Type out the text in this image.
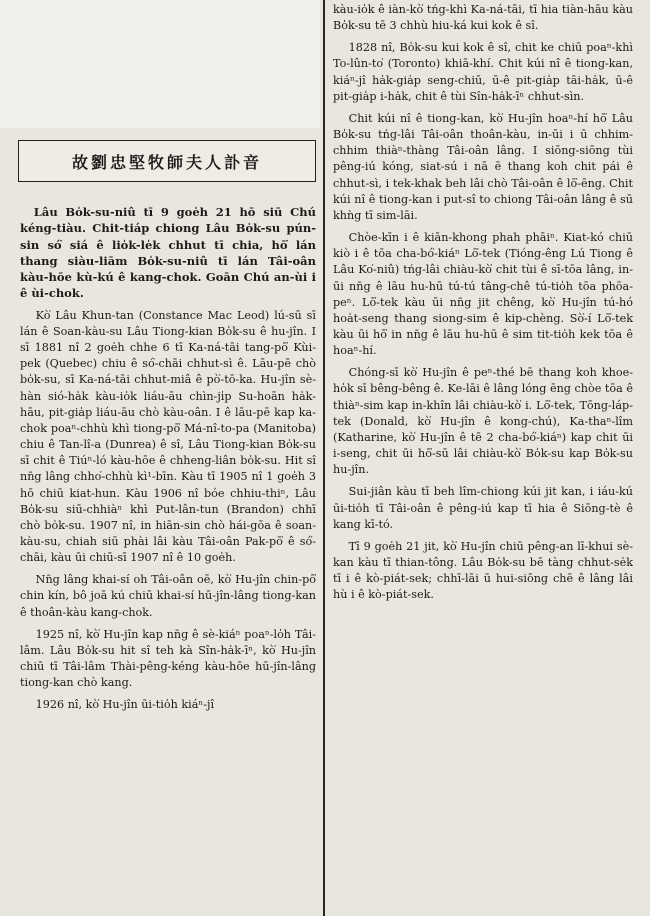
故劉忠堅牧師夫人訃音

Lâu Bo̍k-su-niû tī 9 goe̍h 21 hō siū Chú kéng-tiàu. Chit-tiáp chiong Lâu Bo̍k-su pún-sin só͘ siá ê lio̍k-le̍k chhut tī chia, hō͘ lán thang siàu-liām Bo̍k-su-niû tī lán Tâi-oân kàu-hōe kù-kú ê kang-chok. Goān Chú an-ùi i ê ùi-chok.

Kò͘ Lâu Khun-tan (Constance Mac Leod) lú-sū sī lán ê Soan-kàu-su Lâu Tiong-kian Bo̍k-su ê hu-jîn. I sī 1881 nî 2 goe̍h chhe 6 tī Ka-ná-tāi tang-pō͘ Kùi-pek (Quebec) chiu ê só͘-chāi chhut-sì ê. Lāu-pē chò bo̍k-su, sī Ka-ná-tāi chhut-miâ ê pò͘-tō-ka. Hu-jîn sè-hàn sió-ha̍k kàu-io̍k liáu-āu chìn-ji̍p Su-hoān ha̍k-hāu, pit-gia̍p liáu-āu chò kàu-oân. I ê lāu-pē kap ka-chok poaⁿ-chhù khì tiong-pō͘ Má-nî-to-pa (Manitoba) chiu ê Tan-lî-a (Dunrea) ê sî, Lâu Tiong-kian Bo̍k-su sī chit ê Tiúⁿ-ló kàu-hōe ê chheng-liân bo̍k-su. Hit sî nn̄g lâng chho͘-chhù kì¹-bīn. Kàu tī 1905 nî 1 goe̍h 3 hō chiū kiat-hun. Kàu 1906 nî bóe chhiu-thiⁿ, Lâu Bo̍k-su siū-chhiàⁿ khì Put-lân-tun (Brandon) chhī chò bo̍k-su. 1907 nî, in hiān-sin chò hái-gōa ê soan-kàu-su, chiah siū phài lâi kàu Tâi-oân Pak-pō͘ ê só͘-chāi, kàu ūi chiū-sī 1907 nî ê 10 goe̍h.

Nn̄g lâng khai-sí oh Tâi-oân oē, kò͘ Hu-jîn chin-pō͘ chin kín, bô joā kú chiū khai-sí hū-jîn-lâng tiong-kan ê thoân-kàu kang-chok.

1925 nî, kò͘ Hu-jîn kap nn̄g ê sè-kiáⁿ poaⁿ-lo̍h Tâi-lâm. Lâu Bo̍k-su hit sî teh kà Sîn-ha̍k-īⁿ, kò͘ Hu-jîn chiū tī Tâi-lâm Thài-pêng-kéng kàu-hōe hū-jîn-lâng tiong-kan chò kang.

1926 nî, kò͘ Hu-jîn ūi-tio̍h kiáⁿ-jî

kàu-io̍k ê iàn-kò͘ tńg-khì Ka-ná-tāi, tī hia tiàn-hāu kàu Bo̍k-su tē 3 chhù hiu-ká kui kok ê sî.

1828 nî, Bo̍k-su kui kok ê sî, chit ke chiū poaⁿ-khì To-lûn-to͘ (Toronto) khiā-khí. Chit kúi nî ê tiong-kan, kiáⁿ-jî ha̍k-gia̍p seng-chiū, ū-ê pit-gia̍p tāi-ha̍k, ū-ê pit-gia̍p i-ha̍k, chit ê tùi Sîn-ha̍k-īⁿ chhut-sìn.

Chit kúi nî ê tiong-kan, kò͘ Hu-jîn hoaⁿ-hí hō͘ Lâu Bo̍k-su tńg-lâi Tâi-oân thoân-kàu, in-ūi i ū chhim-chhim thiàⁿ-thàng Tâi-oân lâng. I siōng-siōng tùi pêng-iú kóng, siat-sú i nā ē thang koh chit pái ê chhut-sì, i tek-khak beh lâi chò Tâi-oân ê lō͘-ēng. Chit kúi nî ê tiong-kan i put-sî to chiong Tâi-oân lâng ê sū khǹg tī sim-lāi.

Chòe-kīn i ê kiān-khong phah phāiⁿ. Kiat-kó chiū kiò i ê tōa cha-bó͘-kiáⁿ Lō͘-tek (Tióng-êng Lú Tiong ê Lâu Ko͘-niû) tńg-lâi chiàu-kò͘ chit tùi ê sī-tōa lâng, in-ūi nn̄g ê lāu hu-hū tú-tú tâng-chê tú-tio̍h tōa phōa-peⁿ. Lō͘-tek kàu ūi nn̄g jit chêng, kò͘ Hu-jîn tú-hó hoa̍t-seng thang siong-sim ê kip-chèng. Sò͘-í Lō͘-tek kàu ūi hō͘ in nn̄g ê lāu hu-hū ê sim tit-tio̍h kek tōa ê hoaⁿ-hí.

Chóng-sī kò͘ Hu-jîn ê peⁿ-thé bē thang koh khoe-ho̍k sī bêng-bêng ê. Ke-lāi ê lâng lóng ēng chòe tōa ê thiàⁿ-sim kap in-khîn lâi chiàu-kò͘ i. Lō͘-tek, Tōng-láp-tek (Donald, kò͘ Hu-jîn ê kong-chú), Ka-thaⁿ-lîm (Katharine, kò͘ Hu-jîn ê tē 2 cha-bó͘-kiáⁿ) kap chit ūi i-seng, chit ūi hō͘-sū lâi chiàu-kò͘ Bo̍k-su kap Bo̍k-su hu-jîn.

Sui-jiân kàu tī beh lîm-chiong kúi jit kan, i iáu-kú ūi-tio̍h tī Tâi-oân ê pêng-iú kap tī hia ê Siōng-tè ê kang kī-tó.

Tī 9 goe̍h 21 jit, kò͘ Hu-jîn chiū pêng-an lī-khui sè-kan kàu tī thian-tông. Lâu Bo̍k-su bē tàng chhut-se̍k tī i ê kò-piát-sek; chhī-lāi ū hui-siōng chē ê lâng lâi hù i ê kò-piát-sek.
